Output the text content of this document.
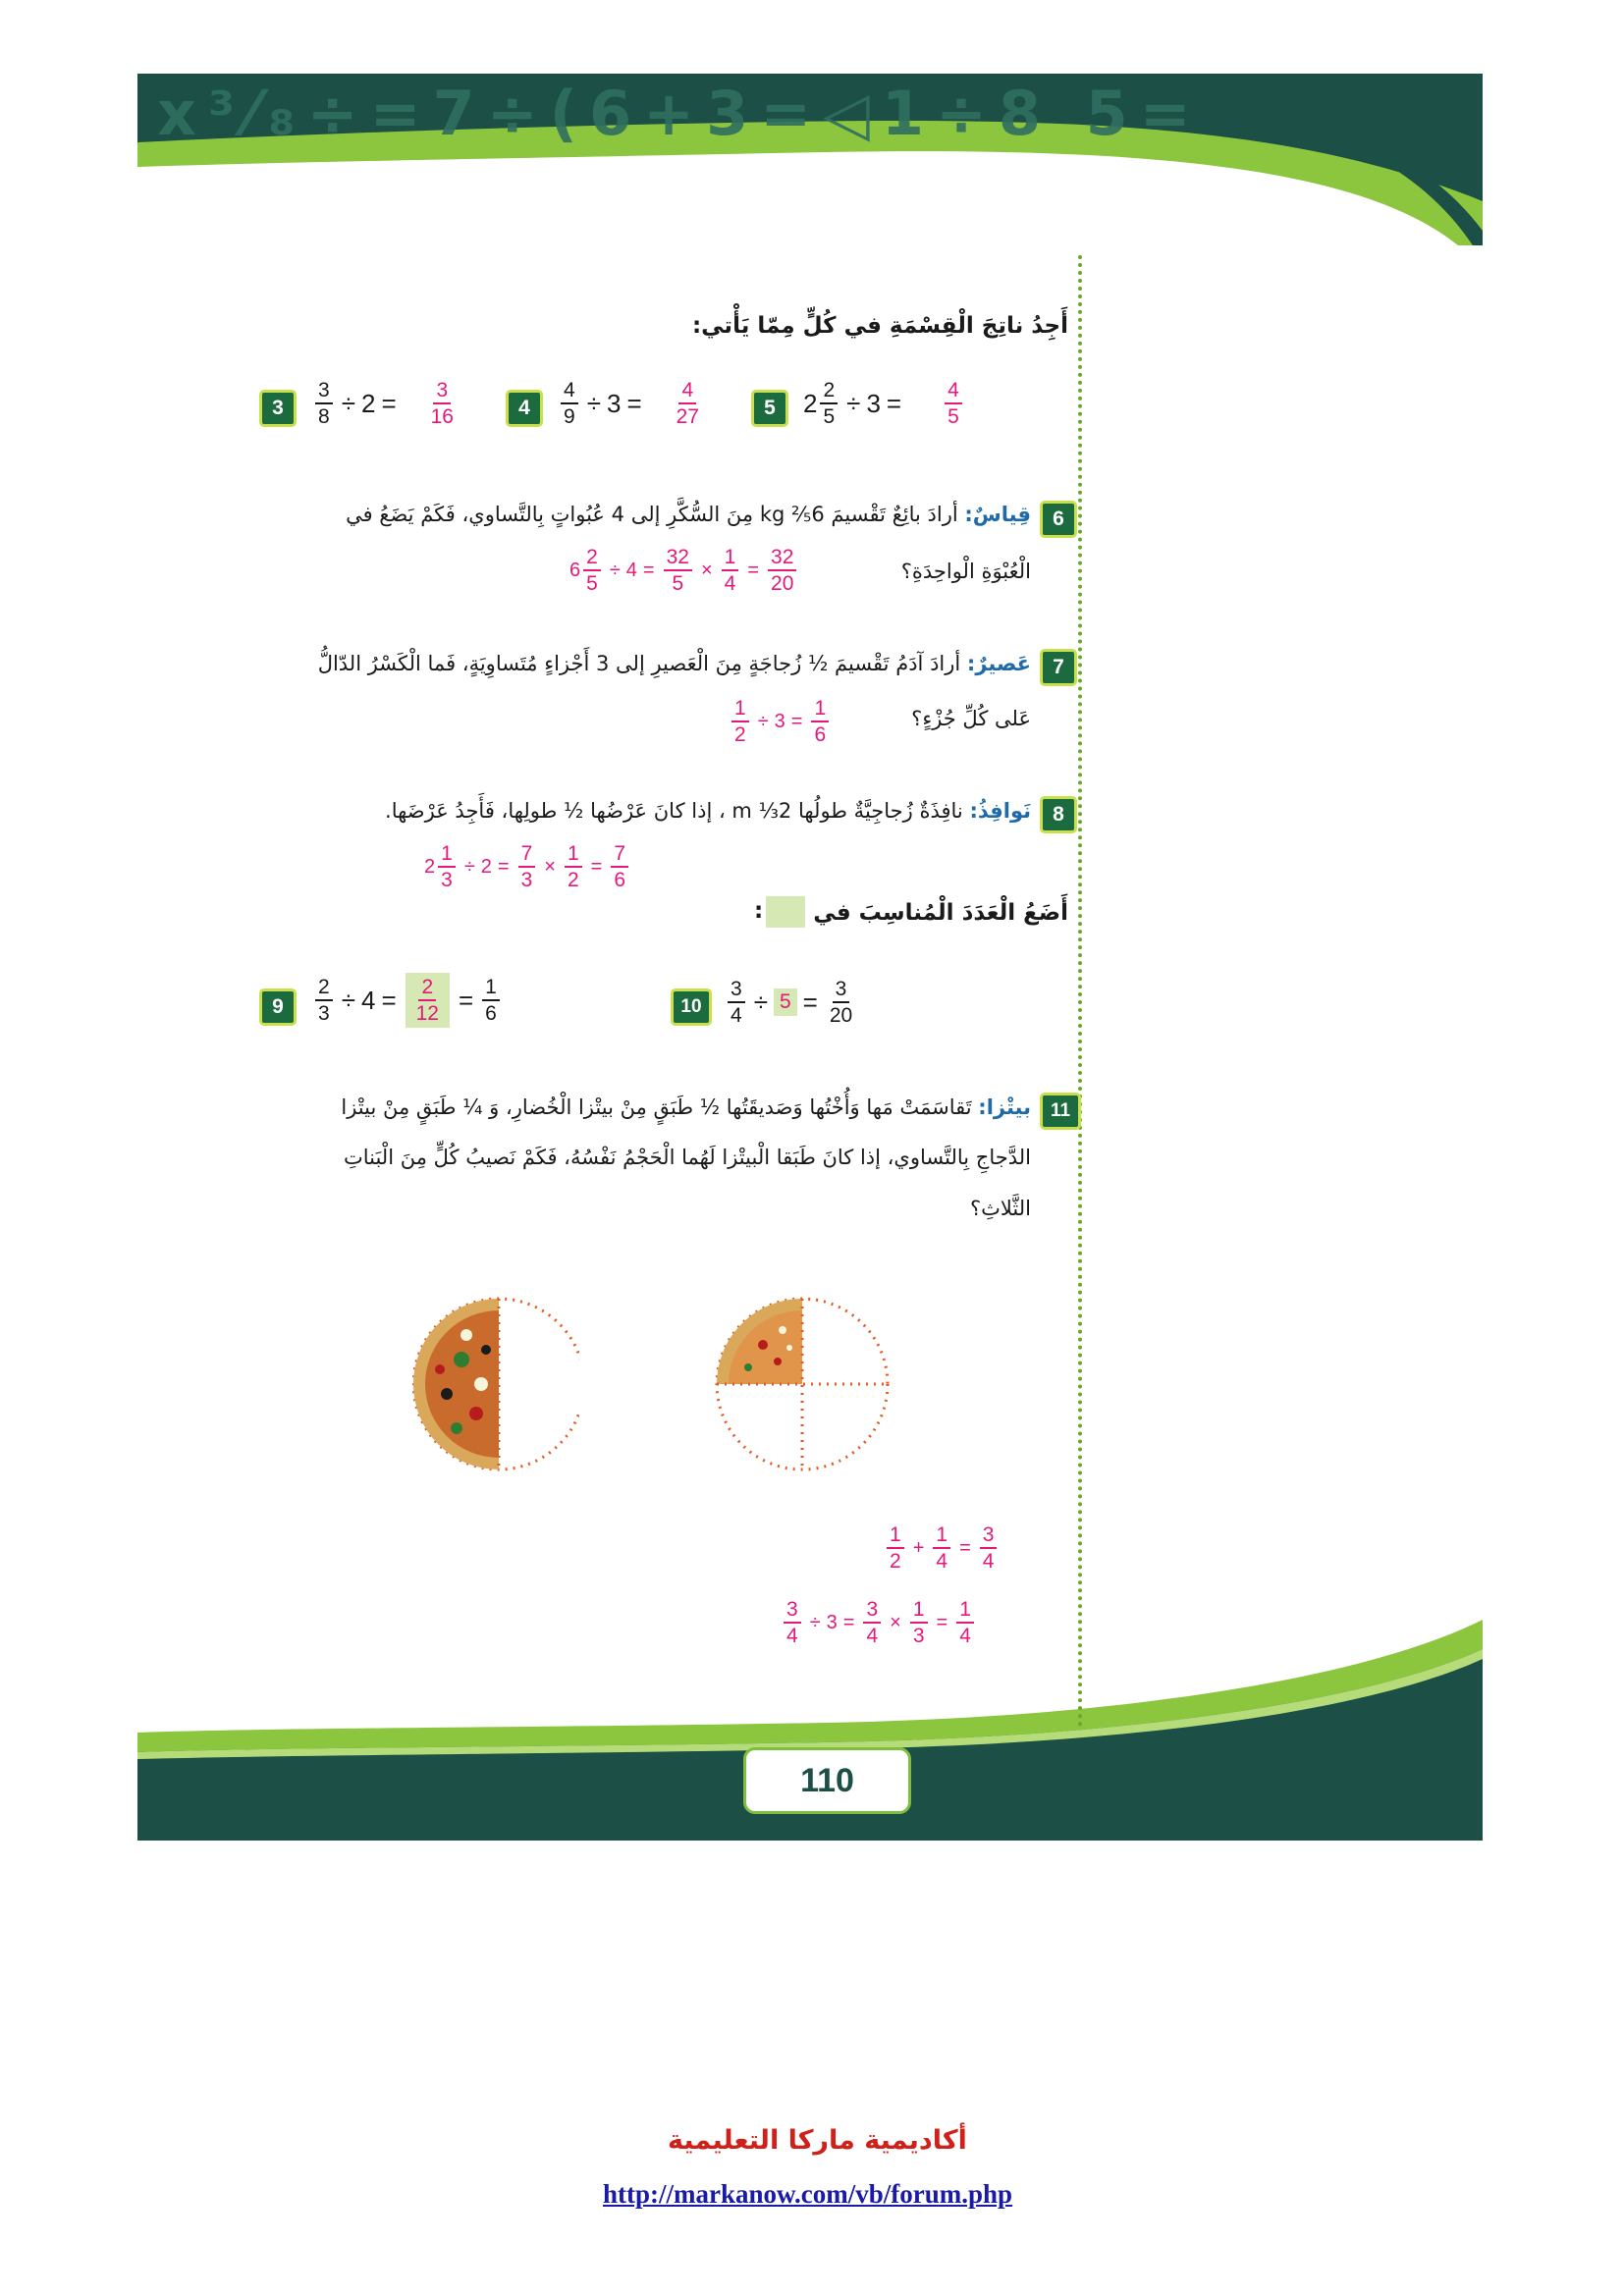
x³⁄₈÷=7÷(6+3=◁1÷8 5=
110
أَجِدُ ناتِجَ الْقِسْمَةِ في كُلٍّ مِمّا يَأْتي:
3	$\frac{3}{8} \div 2 = \frac{3}{16}$	4	$\frac{4}{9} \div 3 = \frac{4}{27}$	5	$2 \frac{2}{5} \div 3 = \frac{4}{5}$
6
قِياسٌ: أرادَ بائِعٌ تَقْسيمَ 6⅖ kg مِنَ السُّكَّرِ إلى 4 عُبُواتٍ بِالتَّساوي، فَكَمْ يَضَعُ في
الْعُبْوَةِ الْواحِدَةِ؟
$6 \frac{2}{5} \div 4 = \frac{32}{5} \times \frac{1}{4} = \frac{32}{20}$
7
عَصيرٌ: أرادَ آدَمُ تَقْسيمَ ½ زُجاجَةٍ مِنَ الْعَصيرِ إلى 3 أَجْزاءٍ مُتَساوِيَةٍ، فَما الْكَسْرُ الدّالُّ
عَلى كُلِّ جُزْءٍ؟
$\frac{1}{2} \div 3 = \frac{1}{6}$
8
نَوافِذُ: نافِذَةٌ زُجاجِيَّةٌ طولُها 2⅓ m ، إذا كانَ عَرْضُها ½ طولِها، فَأَجِدُ عَرْضَها.
$2 \frac{1}{3} \div 2 = \frac{7}{3} \times \frac{1}{2} = \frac{7}{6}$
أَضَعُ الْعَدَدَ الْمُناسِبَ في
:
9	$\frac{2}{3} \div 4 = \frac{2}{12} = \frac{1}{6}$	10	$\frac{3}{4} \div 5 = \frac{3}{20}$
11
بيتْزا: تَقاسَمَتْ مَها وَأُخْتُها وَصَديقَتُها ½ طَبَقٍ مِنْ بيتْزا الْخُضارِ، وَ ¼ طَبَقٍ مِنْ بيتْزا
الدَّجاجِ بِالتَّساوي، إذا كانَ طَبَقا الْبيتْزا لَهُما الْحَجْمُ نَفْسُهُ، فَكَمْ نَصيبُ كُلٍّ مِنَ الْبَناتِ
الثَّلاثِ؟
$\frac{1}{2} + \frac{1}{4} = \frac{3}{4}$
$\frac{3}{4} \div 3 = \frac{3}{4} \times \frac{1}{3} = \frac{1}{4}$
أكاديمية ماركا التعليمية
http://markanow.com/vb/forum.php
